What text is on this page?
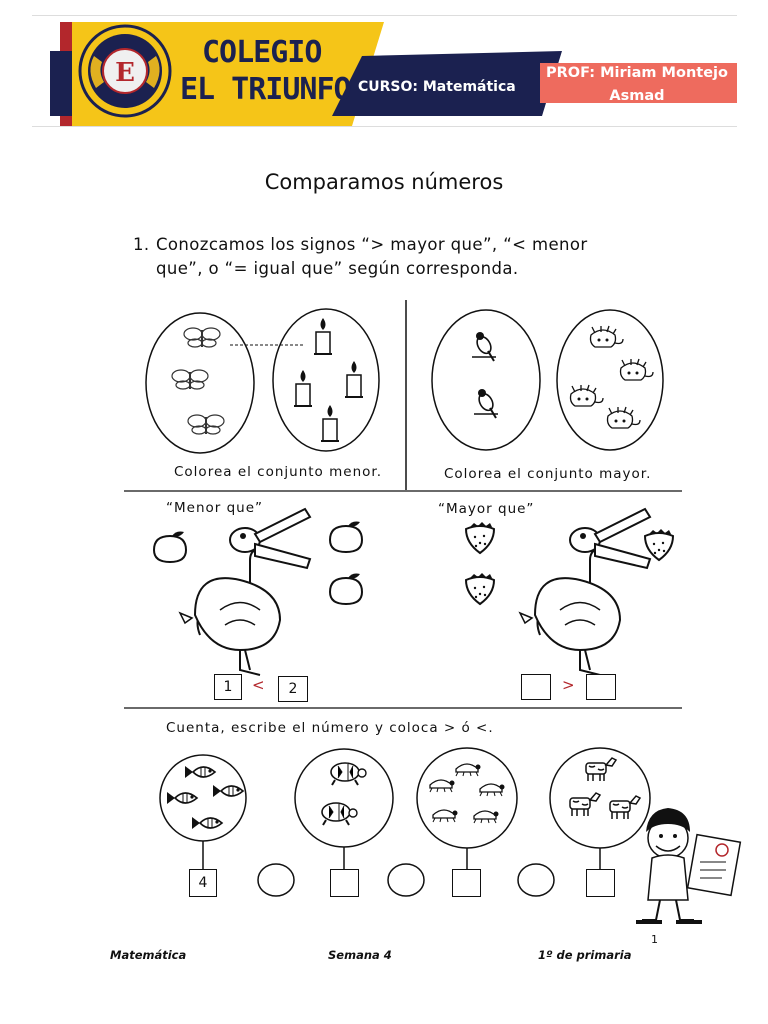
E
COLEGIO
EL TRIUNFO CURSO: Matemática
PROF: Miriam Montejo
Asmad
Comparamos números
1. Conozcamos los signos “> mayor que”, “< menor
que”, o “= igual que” según corresponda.
Colorea el conjunto menor.	Colorea el conjunto mayor.
“Menor que”	“Mayor que”
1	<	2	>
Cuenta, escribe el número y coloca > ó <.
4
1
Matemática	Semana 4	1º de primaria
